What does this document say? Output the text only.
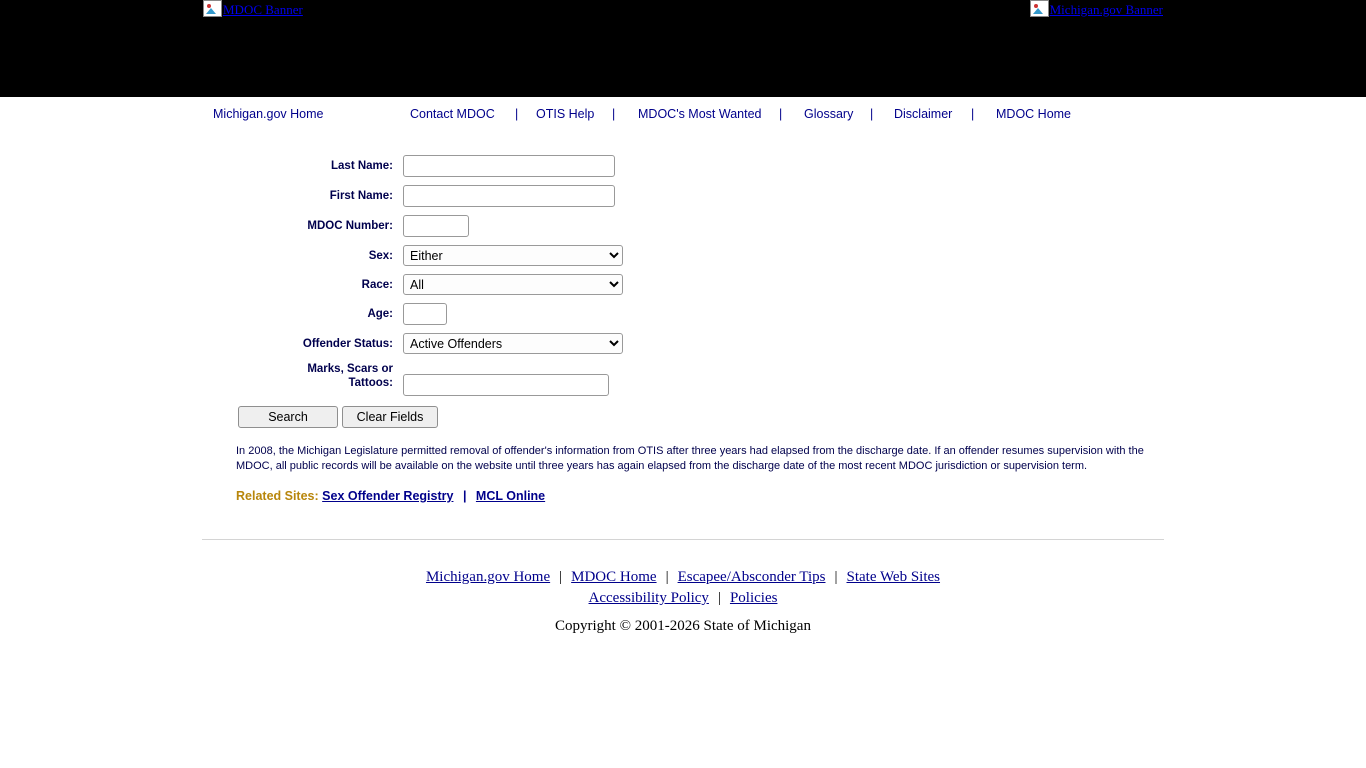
MDOC Banner	Michigan.gov Banner
Michigan.gov Home	Contact MDOC | OTIS Help | MDOC's Most Wanted | Glossary | Disclaimer | MDOC Home
Last Name:
First Name:
MDOC Number:
Sex:
Either
Race:
All
Age:
Offender Status:
Active Offenders
Marks, Scars or
Tattoos:
Search	Clear Fields
In 2008, the Michigan Legislature permitted removal of offender's information from OTIS after three years had elapsed from the discharge date. If an offender resumes supervision with the MDOC, all public records will be available on the website until three years has again elapsed from the discharge date of the most recent MDOC jurisdiction or supervision term.
Related Sites: Sex Offender Registry | MCL Online
Michigan.gov Home | MDOC Home | Escapee/Absconder Tips | State Web Sites
Accessibility Policy | Policies
Copyright © 2001-2026 State of Michigan
